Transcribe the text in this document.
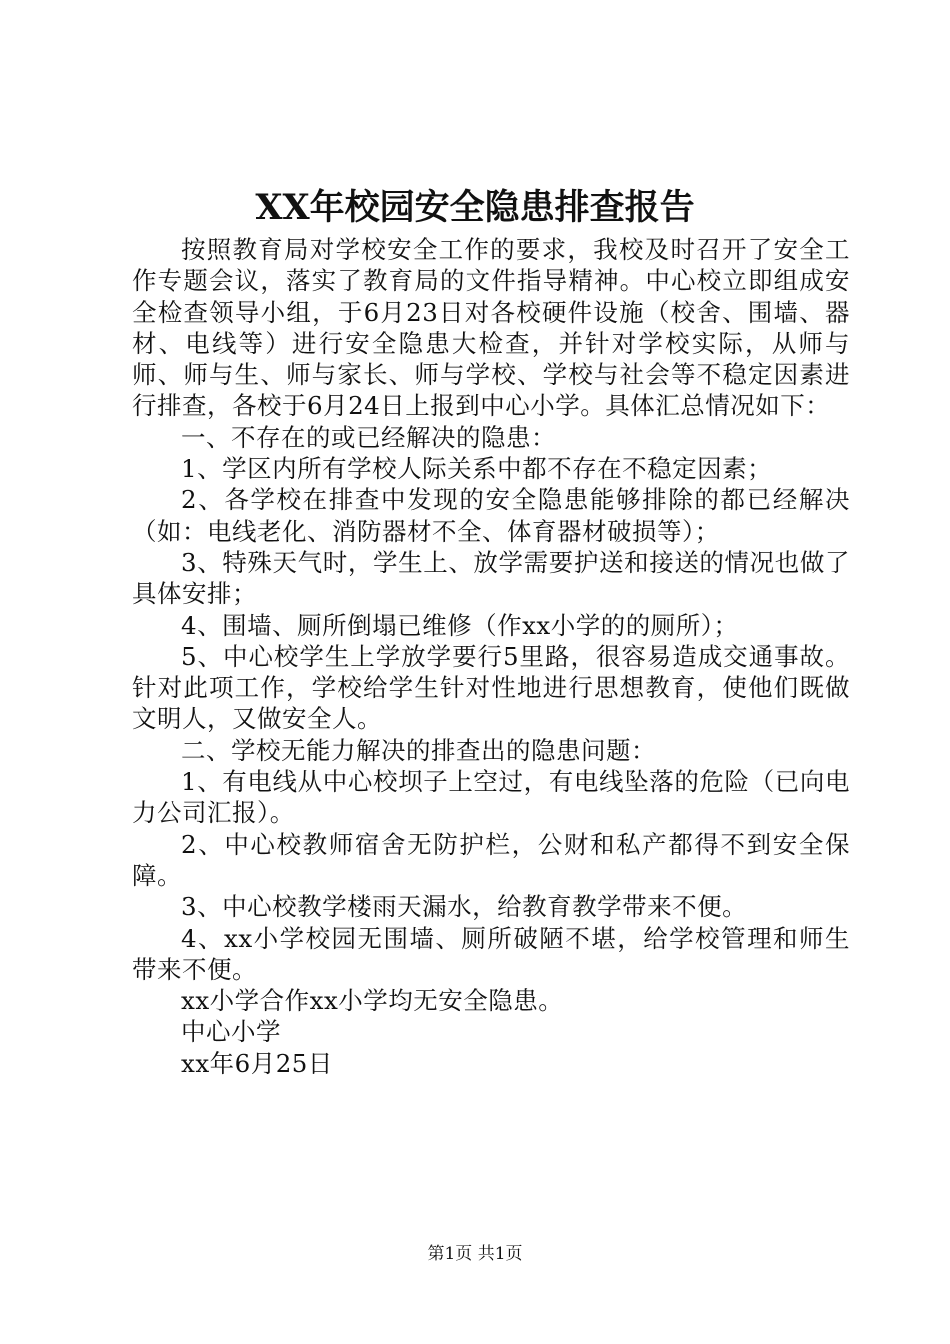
XX年校园安全隐患排查报告

按照教育局对学校安全工作的要求，我校及时召开了安全工作专题会议，落实了教育局的文件指导精神。中心校立即组成安全检查领导小组，于6月23日对各校硬件设施（校舍、围墙、器材、电线等）进行安全隐患大检查，并针对学校实际，从师与师、师与生、师与家长、师与学校、学校与社会等不稳定因素进行排查，各校于6月24日上报到中心小学。具体汇总情况如下：

一、不存在的或已经解决的隐患：

1、学区内所有学校人际关系中都不存在不稳定因素；

2、各学校在排查中发现的安全隐患能够排除的都已经解决（如：电线老化、消防器材不全、体育器材破损等）；

3、特殊天气时，学生上、放学需要护送和接送的情况也做了具体安排；

4、围墙、厕所倒塌已维修（作xx小学的的厕所）；

5、中心校学生上学放学要行5里路，很容易造成交通事故。针对此项工作，学校给学生针对性地进行思想教育，使他们既做文明人，又做安全人。

二、学校无能力解决的排查出的隐患问题：

1、有电线从中心校坝子上空过，有电线坠落的危险（已向电力公司汇报）。

2、中心校教师宿舍无防护栏，公财和私产都得不到安全保障。

3、中心校教学楼雨天漏水，给教育教学带来不便。

4、xx小学校园无围墙、厕所破陋不堪，给学校管理和师生带来不便。

xx小学合作xx小学均无安全隐患。

中心小学

xx年6月25日

第1页 共1页
